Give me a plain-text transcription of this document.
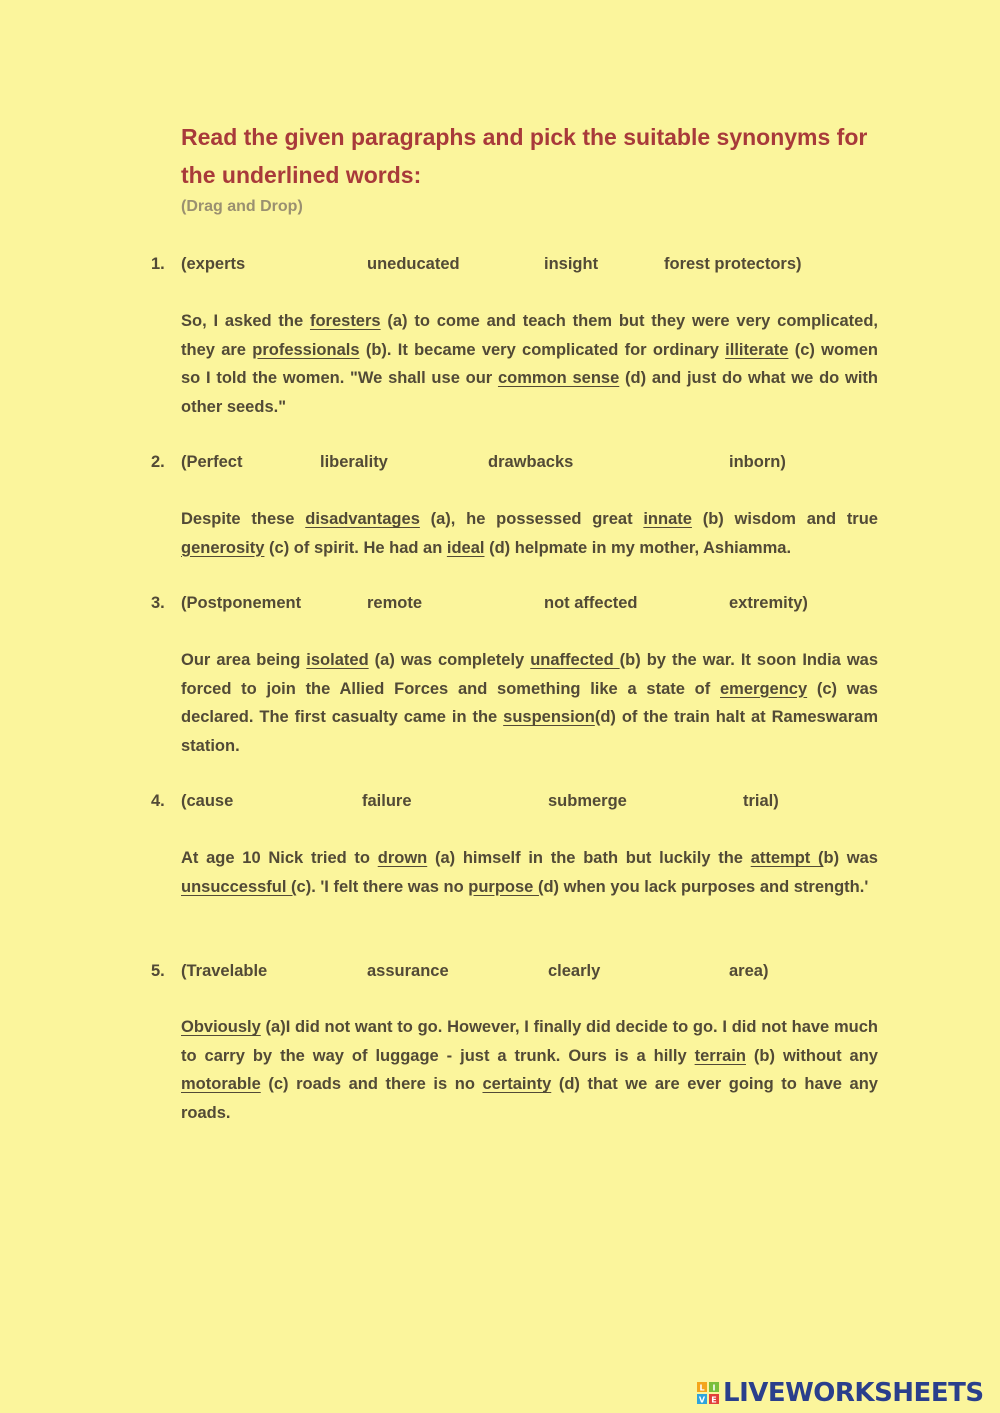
Read the given paragraphs and pick the suitable synonyms for the underlined words:
(Drag and Drop)
1. (experts	uneducated	insight	forest protectors)

So, I asked the foresters (a) to come and teach them but they were very complicated, they are professionals (b). It became very complicated for ordinary illiterate (c) women so I told the women. "We shall use our common sense (d) and just do what we do with other seeds."

2. (Perfect	liberality	drawbacks	inborn)

Despite these disadvantages (a), he possessed great innate (b) wisdom and true generosity (c) of spirit. He had an ideal (d) helpmate in my mother, Ashiamma.

3. (Postponement	remote	not affected	extremity)

Our area being isolated (a) was completely unaffected (b) by the war. It soon India was forced to join the Allied Forces and something like a state of emergency (c) was declared. The first casualty came in the suspension(d) of the train halt at Rameswaram station.

4. (cause	failure	submerge	trial)

At age 10 Nick tried to drown (a) himself in the bath but luckily the attempt (b) was unsuccessful (c). 'I felt there was no purpose (d) when you lack purposes and strength.'

5. (Travelable	assurance	clearly	area)

Obviously (a)I did not want to go. However, I finally did decide to go. I did not have much to carry by the way of luggage - just a trunk. Ours is a hilly terrain (b) without any motorable (c) roads and there is no certainty (d) that we are ever going to have any roads.

L I
V E LIVEWORKSHEETS
